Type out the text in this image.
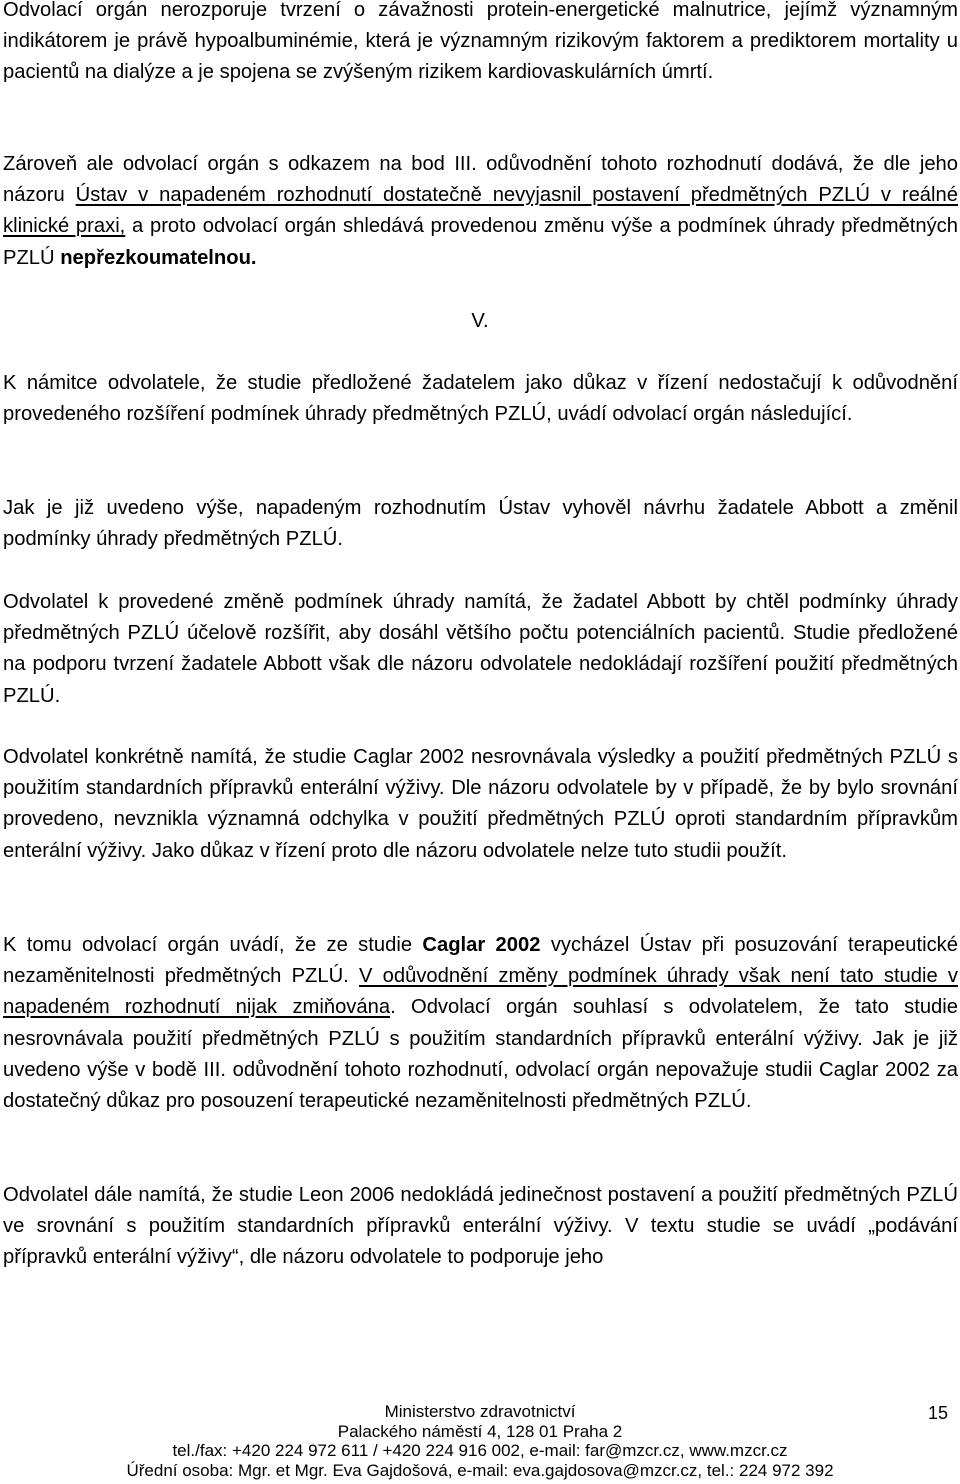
Odvolací orgán nerozporuje tvrzení o závažnosti protein-energetické malnutrice, jejímž významným indikátorem je právě hypoalbuminémie, která je významným rizikovým faktorem a prediktorem mortality u pacientů na dialýze a je spojena se zvýšeným rizikem kardiovaskulárních úmrtí.

Zároveň ale odvolací orgán s odkazem na bod III. odůvodnění tohoto rozhodnutí dodává, že dle jeho názoru Ústav v napadeném rozhodnutí dostatečně nevyjasnil postavení předmětných PZLÚ v reálné klinické praxi, a proto odvolací orgán shledává provedenou změnu výše a podmínek úhrady předmětných PZLÚ nepřezkoumatelnou.

V.

K námitce odvolatele, že studie předložené žadatelem jako důkaz v řízení nedostačují k odůvodnění provedeného rozšíření podmínek úhrady předmětných PZLÚ, uvádí odvolací orgán následující.

Jak je již uvedeno výše, napadeným rozhodnutím Ústav vyhověl návrhu žadatele Abbott a změnil podmínky úhrady předmětných PZLÚ.

Odvolatel k provedené změně podmínek úhrady namítá, že žadatel Abbott by chtěl podmínky úhrady předmětných PZLÚ účelově rozšířit, aby dosáhl většího počtu potenciálních pacientů. Studie předložené na podporu tvrzení žadatele Abbott však dle názoru odvolatele nedokládají rozšíření použití předmětných PZLÚ.

Odvolatel konkrétně namítá, že studie Caglar 2002 nesrovnávala výsledky a použití předmětných PZLÚ s použitím standardních přípravků enterální výživy. Dle názoru odvolatele by v případě, že by bylo srovnání provedeno, nevznikla významná odchylka v použití předmětných PZLÚ oproti standardním přípravkům enterální výživy. Jako důkaz v řízení proto dle názoru odvolatele nelze tuto studii použít.

K tomu odvolací orgán uvádí, že ze studie Caglar 2002 vycházel Ústav při posuzování terapeutické nezaměnitelnosti předmětných PZLÚ. V odůvodnění změny podmínek úhrady však není tato studie v napadeném rozhodnutí nijak zmiňována. Odvolací orgán souhlasí s odvolatelem, že tato studie nesrovnávala použití předmětných PZLÚ s použitím standardních přípravků enterální výživy. Jak je již uvedeno výše v bodě III. odůvodnění tohoto rozhodnutí, odvolací orgán nepovažuje studii Caglar 2002 za dostatečný důkaz pro posouzení terapeutické nezaměnitelnosti předmětných PZLÚ.

Odvolatel dále namítá, že studie Leon 2006 nedokládá jedinečnost postavení a použití předmětných PZLÚ ve srovnání s použitím standardních přípravků enterální výživy. V textu studie se uvádí „podávání přípravků enterální výživy“, dle názoru odvolatele to podporuje jeho

Ministerstvo zdravotnictví
Palackého náměstí 4, 128 01 Praha 2
tel./fax: +420 224 972 611 / +420 224 916 002, e-mail: far@mzcr.cz, www.mzcr.cz
Úřední osoba: Mgr. et Mgr. Eva Gajdošová, e-mail: eva.gajdosova@mzcr.cz, tel.: 224 972 392
15
